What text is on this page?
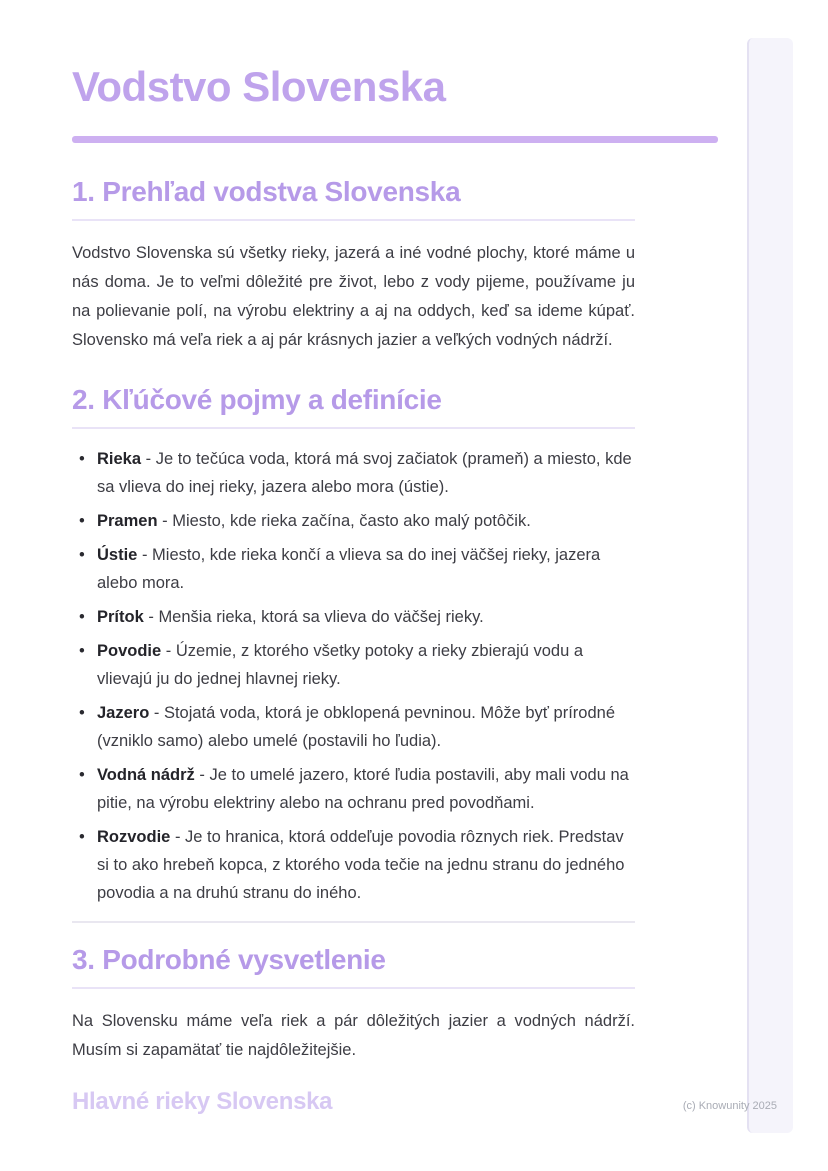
Vodstvo Slovenska
1. Prehľad vodstva Slovenska

Vodstvo Slovenska sú všetky rieky, jazerá a iné vodné plochy, ktoré máme u nás doma. Je to veľmi dôležité pre život, lebo z vody pijeme, používame ju na polievanie polí, na výrobu elektriny a aj na oddych, keď sa ideme kúpať. Slovensko má veľa riek a aj pár krásnych jazier a veľkých vodných nádrží.

2. Kľúčové pojmy a definície
• Rieka - Je to tečúca voda, ktorá má svoj začiatok (prameň) a miesto, kde sa vlieva do inej rieky, jazera alebo mora (ústie).
• Pramen - Miesto, kde rieka začína, často ako malý potôčik.
• Ústie - Miesto, kde rieka končí a vlieva sa do inej väčšej rieky, jazera alebo mora.
• Prítok - Menšia rieka, ktorá sa vlieva do väčšej rieky.
• Povodie - Územie, z ktorého všetky potoky a rieky zbierajú vodu a vlievajú ju do jednej hlavnej rieky.
• Jazero - Stojatá voda, ktorá je obklopená pevninou. Môže byť prírodné (vzniklo samo) alebo umelé (postavili ho ľudia).
• Vodná nádrž - Je to umelé jazero, ktoré ľudia postavili, aby mali vodu na pitie, na výrobu elektriny alebo na ochranu pred povodňami.
• Rozvodie - Je to hranica, ktorá oddeľuje povodia rôznych riek. Predstav si to ako hrebeň kopca, z ktorého voda tečie na jednu stranu do jedného povodia a na druhú stranu do iného.
3. Podrobné vysvetlenie

Na Slovensku máme veľa riek a pár dôležitých jazier a vodných nádrží. Musím si zapamätať tie najdôležitejšie.

Hlavné rieky Slovenska	(c) Knowunity 2025
